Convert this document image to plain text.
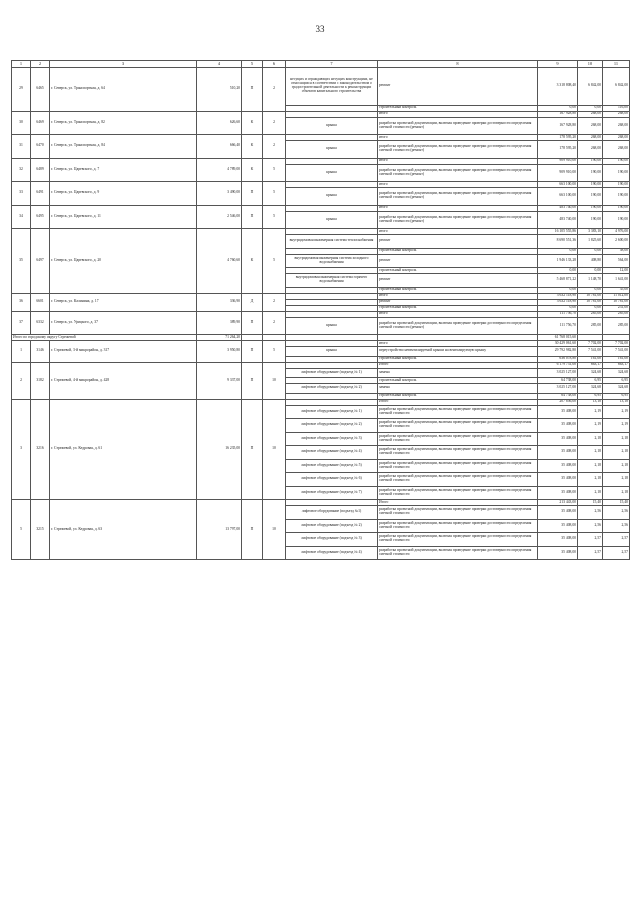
33
1	2	3	4	5	6	7	8	9	10	11
29	6465	г. Северск, ул. Транспортная, д. 64	510,20	П	2	несущих и ограждающих несущих конструкциях, не относящихся в соответствии с законодательством о градостроительной деятельности к реконструкции объектов капитального строительства	ремонт	3 318 808,40	6 842,00	6 842,00
							строительный контроль	0,00	0,00	116,00
30	6469	г. Северск, ул. Транспортная, д. 82	626,60	К	2		итого	167 928,80	268,00	268,00
						крыша	разработка проектной документации, включая проведение проверки достоверности определения сметной стоимости (ремонт)	167 928,80	268,00	268,00
31	6470	г. Северск, ул. Транспортная, д. 84	666,40	К	2		итого	178 595,20	268,00	268,00
						крыша	разработка проектной документации, включая проведение проверки достоверности определения сметной стоимости (ремонт)	178 595,20	268,00	268,00
32	6489	г. Северск, ул. Царевского, д. 7	4 789,00	К	5		итого	909 910,00	190,00	190,00
						крыша	разработка проектной документации, включая проведение проверки достоверности определения сметной стоимости (ремонт)	909 910,00	190,00	190,00
33	6491	г. Северск, ул. Царевского, д. 9	3 490,00	П	5		итого	663 100,00	190,00	190,00
						крыша	разработка проектной документации, включая проведение проверки достоверности определения сметной стоимости (ремонт)	663 100,00	190,00	190,00
34	6495	г. Северск, ул. Царевского, д. 11	2 546,00	П	5		итого	483 740,00	190,00	190,00
						крыша	разработка проектной документации, включая проведение проверки достоверности определения сметной стоимости (ремонт)	483 740,00	190,00	190,00
35	6497	г. Северск, ул. Царевского, д. 20	4 760,60	К	5		итого	16 105 555,86	3 383,10	4 976,00
						внутридомовая инженерная система теплоснабжения	ремонт	8 690 551,36	1 825,60	2 600,00
							строительный контроль	0,00	0,00	58,00
						внутридомовая инженерная система холодного водоснабжения	ремонт	1 946 133,28	408,80	564,00
							строительный контроль	0,00	0,00	12,00
						внутридомовая инженерная система горячего водоснабжения	ремонт	5 468 871,22	1 148,70	1 641,00
							строительный контроль	0,00	0,00	35,00
36	6601	г. Северск, ул. Калинина, д. 17	336,90	Д	2		итого	3 632 118,90	10 781,00	11 012,00
							ремонт	3 632 118,90	10 781,00	10 781,00
							строительный контроль	0,00	0,00	231,00
37	6332	г. Северск, ул. Урицкого, д. 37	389,90	П	2		итого	111 756,70	285,00	285,00
						крыша	разработка проектной документации, включая проведение проверки достоверности определения сметной стоимости (ремонт)	111 756,70	285,00	285,00
Итого по городскому округу Стрежевой			71 264,20					61 768 015,60		
1	3146	г. Стрежевой, 3-й микрорайон, д. 317	3 950,80	П	5		итого	30 429 061,60	7 702,00	7 702,00
						крыша	переустройство невентилируемой крыши на вентилируемую крышу	29 792 982,80	7 541,00	7 541,00
							строительный контроль	636 078,80	161,00	161,00
2	3182	г. Стрежевой, 4-й микрорайон, д. 428	9 337,00	П	10		Итого	6 179 731,00	663,17	663,17
						лифтовое оборудование (подъезд № 1)	замена	3 025 127,00	324,68	324,68
							строительный контроль	64 738,00	6,95	6,95
						лифтовое оборудование (подъезд № 2)	замена	3 025 127,00	324,68	324,68
							строительный контроль	64 738,00	6,95	6,95
3	3216	г. Стрежевой, ул. Кедровая, д. 61	16 235,00	П	10		Итого	207 856,00	13,18	13,18
						лифтовое оборудование (подъезд № 1)	разработка проектной документации, включая проведение проверки достоверности определения сметной стоимости	35 408,00	2,19	2,19
						лифтовое оборудование (подъезд № 2)	разработка проектной документации, включая проведение проверки достоверности определения сметной стоимости	35 408,00	2,19	2,19
						лифтовое оборудование (подъезд № 3)	разработка проектной документации, включая проведение проверки достоверности определения сметной стоимости	35 408,00	2,18	2,18
						лифтовое оборудование (подъезд № 4)	разработка проектной документации, включая проведение проверки достоверности определения сметной стоимости	35 408,00	2,18	2,18
						лифтовое оборудование (подъезд № 5)	разработка проектной документации, включая проведение проверки достоверности определения сметной стоимости	35 408,00	2,18	2,18
						лифтовое оборудование (подъезд № 6)	разработка проектной документации, включая проведение проверки достоверности определения сметной стоимости	35 408,00	2,18	2,18
						лифтовое оборудование (подъезд № 7)	разработка проектной документации, включая проведение проверки достоверности определения сметной стоимости	35 408,00	2,18	2,18
5	3215	г. Стрежевой, ул. Кедровая, д. 63	13 797,00	П	10		Итого	213 443,00	15,40	15,40
						лифтовое оборудование (подъезд №1)	разработка проектной документации, включая проведение проверки достоверности определения сметной стоимости	35 408,00	2,56	2,56
						лифтовое оборудование (подъезд № 2)	разработка проектной документации, включая проведение проверки достоверности определения сметной стоимости	35 408,00	2,56	2,56
						лифтовое оборудование (подъезд № 3)	разработка проектной документации, включая проведение проверки достоверности определения сметной стоимости	35 408,00	2,57	2,57
						лифтовое оборудование (подъезд № 4)	разработка проектной документации, включая проведение проверки достоверности определения сметной стоимости	35 408,00	2,57	2,57
